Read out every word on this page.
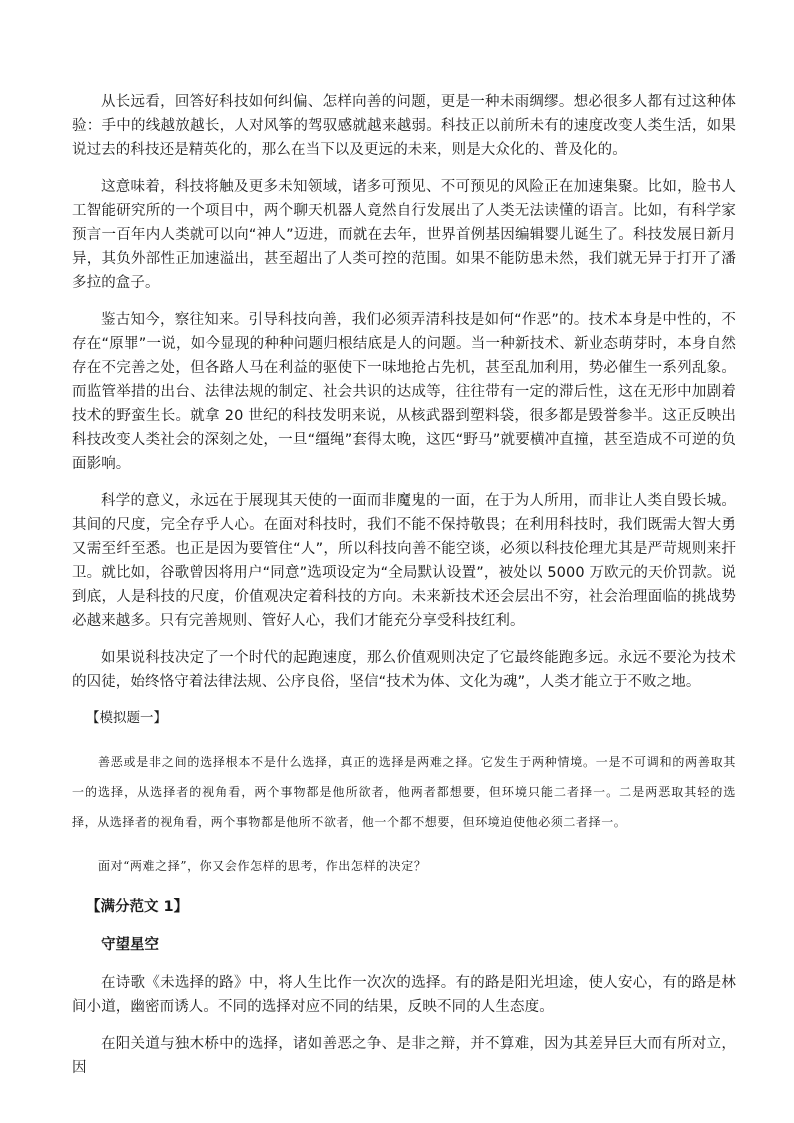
从长远看，回答好科技如何纠偏、怎样向善的问题，更是一种未雨绸缪。想必很多人都有过这种体验：手中的线越放越长，人对风筝的驾驭感就越来越弱。科技正以前所未有的速度改变人类生活，如果说过去的科技还是精英化的，那么在当下以及更远的未来，则是大众化的、普及化的。

这意味着，科技将触及更多未知领域，诸多可预见、不可预见的风险正在加速集聚。比如，脸书人工智能研究所的一个项目中，两个聊天机器人竟然自行发展出了人类无法读懂的语言。比如，有科学家预言一百年内人类就可以向“神人”迈进，而就在去年，世界首例基因编辑婴儿诞生了。科技发展日新月异，其负外部性正加速溢出，甚至超出了人类可控的范围。如果不能防患未然，我们就无异于打开了潘多拉的盒子。

鉴古知今，察往知来。引导科技向善，我们必须弄清科技是如何“作恶”的。技术本身是中性的，不存在“原罪”一说，如今显现的种种问题归根结底是人的问题。当一种新技术、新业态萌芽时，本身自然存在不完善之处，但各路人马在利益的驱使下一味地抢占先机，甚至乱加利用，势必催生一系列乱象。而监管举措的出台、法律法规的制定、社会共识的达成等，往往带有一定的滞后性，这在无形中加剧着技术的野蛮生长。就拿 20 世纪的科技发明来说，从核武器到塑料袋，很多都是毁誉参半。这正反映出科技改变人类社会的深刻之处，一旦“缰绳”套得太晚，这匹“野马”就要横冲直撞，甚至造成不可逆的负面影响。

科学的意义，永远在于展现其天使的一面而非魔鬼的一面，在于为人所用，而非让人类自毁长城。其间的尺度，完全存乎人心。在面对科技时，我们不能不保持敬畏；在利用科技时，我们既需大智大勇又需至纤至悉。也正是因为要管住“人”，所以科技向善不能空谈，必须以科技伦理尤其是严苛规则来扞卫。就比如，谷歌曾因将用户“同意”选项设定为“全局默认设置”，被处以 5000 万欧元的天价罚款。说到底，人是科技的尺度，价值观决定着科技的方向。未来新技术还会层出不穷，社会治理面临的挑战势必越来越多。只有完善规则、管好人心，我们才能充分享受科技红利。

如果说科技决定了一个时代的起跑速度，那么价值观则决定了它最终能跑多远。永远不要沦为技术的囚徒，始终恪守着法律法规、公序良俗，坚信“技术为体、文化为魂”，人类才能立于不败之地。

【模拟题一】

善恶或是非之间的选择根本不是什么选择，真正的选择是两难之择。它发生于两种情境。一是不可调和的两善取其一的选择，从选择者的视角看，两个事物都是他所欲者，他两者都想要，但环境只能二者择一。二是两恶取其轻的选择，从选择者的视角看，两个事物都是他所不欲者，他一个都不想要，但环境迫使他必须二者择一。

面对“两难之择”，你又会作怎样的思考，作出怎样的决定？

【满分范文 1】

守望星空

在诗歌《未选择的路》中，将人生比作一次次的选择。有的路是阳光坦途，使人安心，有的路是林间小道，幽密而诱人。不同的选择对应不同的结果，反映不同的人生态度。

在阳关道与独木桥中的选择，诸如善恶之争、是非之辩，并不算难，因为其差异巨大而有所对立，因
